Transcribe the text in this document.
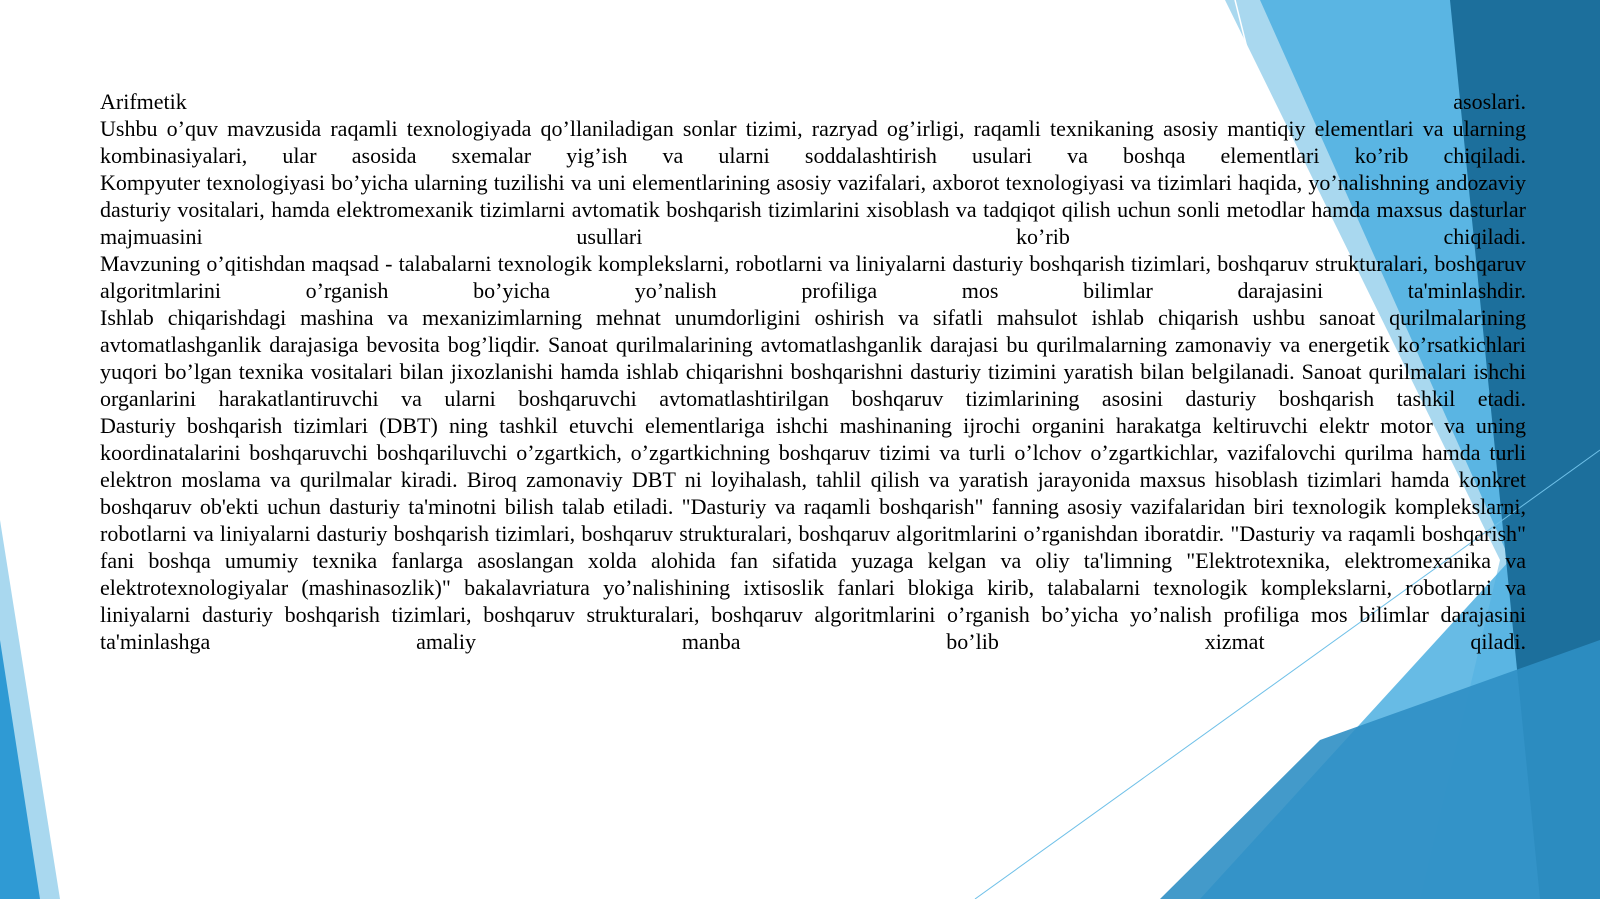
Arifmetik asoslari.

Ushbu o’quv mavzusida raqamli texnologiyada qo’llaniladigan sonlar tizimi, razryad og’irligi, raqamli texnikaning asosiy mantiqiy elementlari va ularning kombinasiyalari, ular asosida sxemalar yig’ish va ularni soddalashtirish usulari va boshqa elementlari ko’rib chiqiladi.

Kompyuter texnologiyasi bo’yicha ularning tuzilishi va uni elementlarining asosiy vazifalari, axborot texnologiyasi va tizimlari haqida, yo’nalishning andozaviy dasturiy vositalari, hamda elektromexanik tizimlarni avtomatik boshqarish tizimlarini xisoblash va tadqiqot qilish uchun sonli metodlar hamda maxsus dasturlar majmuasini usullari ko’rib chiqiladi.

Mavzuning o’qitishdan maqsad - talabalarni texnologik komplekslarni, robotlarni va liniyalarni dasturiy boshqarish tizimlari, boshqaruv strukturalari, boshqaruv algoritmlarini o’rganish bo’yicha yo’nalish profiliga mos bilimlar darajasini ta'minlashdir.

Ishlab chiqarishdagi mashina va mexanizimlarning mehnat unumdorligini oshirish va sifatli mahsulot ishlab chiqarish ushbu sanoat qurilmalarining avtomatlashganlik darajasiga bevosita bog’liqdir. Sanoat qurilmalarining avtomatlashganlik darajasi bu qurilmalarning zamonaviy va energetik ko’rsatkichlari yuqori bo’lgan texnika vositalari bilan jixozlanishi hamda ishlab chiqarishni boshqarishni dasturiy tizimini yaratish bilan belgilanadi. Sanoat qurilmalari ishchi organlarini harakatlantiruvchi va ularni boshqaruvchi avtomatlashtirilgan boshqaruv tizimlarining asosini dasturiy boshqarish tashkil etadi.

Dasturiy boshqarish tizimlari (DBT) ning tashkil etuvchi elementlariga ishchi mashinaning ijrochi organini harakatga keltiruvchi elektr motor va uning koordinatalarini boshqaruvchi boshqariluvchi o’zgartkich, o’zgartkichning boshqaruv tizimi va turli o’lchov o’zgartkichlar, vazifalovchi qurilma hamda turli elektron moslama va qurilmalar kiradi. Biroq zamonaviy DBT ni loyihalash, tahlil qilish va yaratish jarayonida maxsus hisoblash tizimlari hamda konkret boshqaruv ob'ekti uchun dasturiy ta'minotni bilish talab etiladi. "Dasturiy va raqamli boshqarish" fanning asosiy vazifalaridan biri texnologik komplekslarni, robotlarni va liniyalarni dasturiy boshqarish tizimlari, boshqaruv strukturalari, boshqaruv algoritmlarini o’rganishdan iboratdir. "Dasturiy va raqamli boshqarish" fani boshqa umumiy texnika fanlarga asoslangan xolda alohida fan sifatida yuzaga kelgan va oliy ta'limning "Elektrotexnika, elektromexanika va elektrotexnologiyalar (mashinasozlik)" bakalavriatura yo’nalishining ixtisoslik fanlari blokiga kirib, talabalarni texnologik komplekslarni, robotlarni va liniyalarni dasturiy boshqarish tizimlari, boshqaruv strukturalari, boshqaruv algoritmlarini o’rganish bo’yicha yo’nalish profiliga mos bilimlar darajasini ta'minlashga amaliy manba bo’lib xizmat qiladi.
